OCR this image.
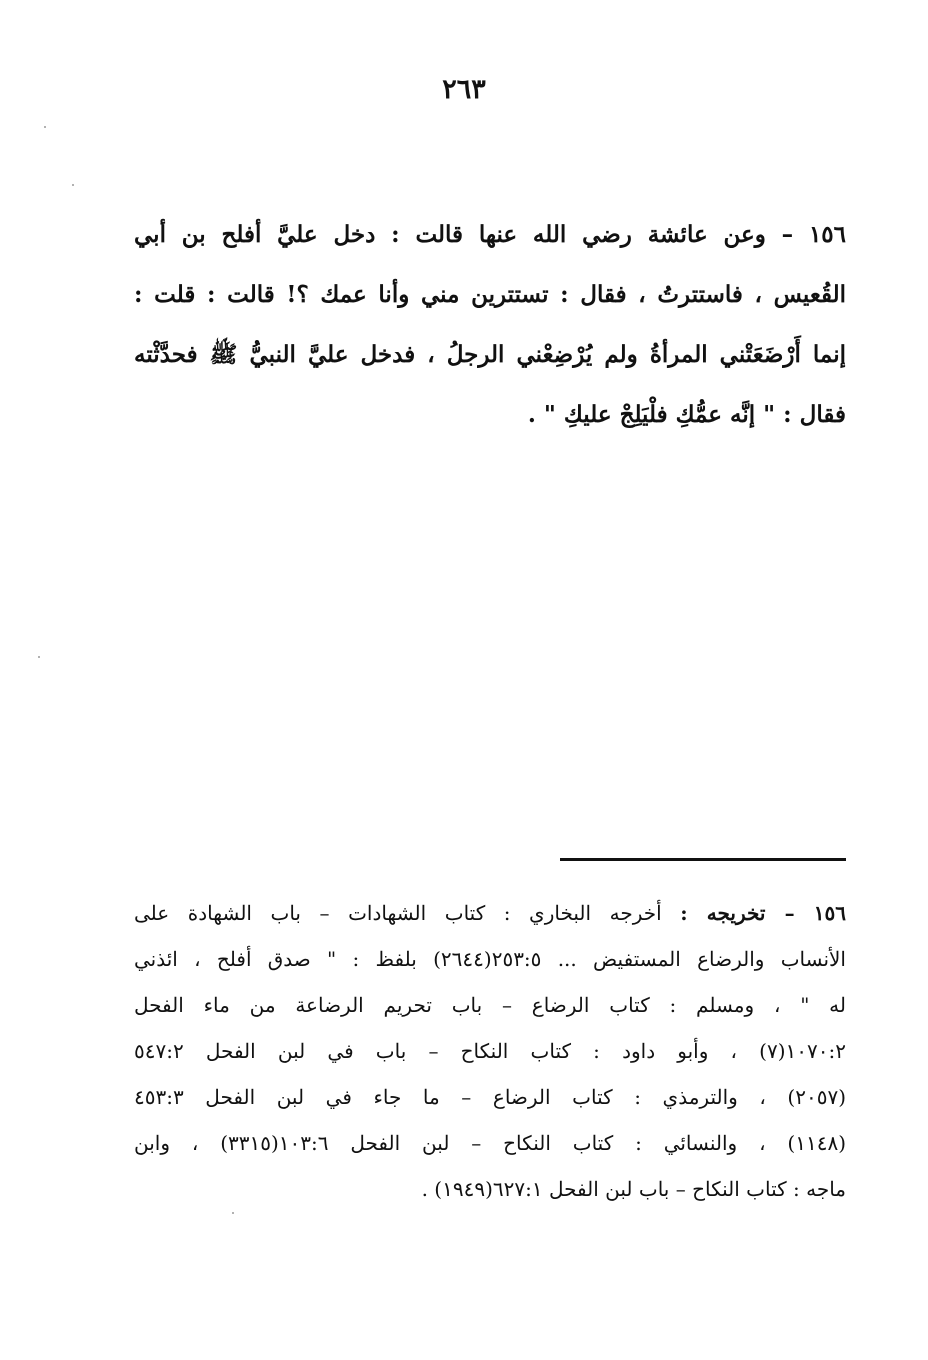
٢٦٣
١٥٦ – وعن عائشة رضي الله عنها قالت : دخل عليَّ أفلح بن أبي
القُعيس ، فاستترتُ ، فقال : تستترين مني وأنا عمك ؟! قالت : قلت :
إنما أَرْضَعَتْني المرأةُ ولم يُرْضِعْني الرجلُ ، فدخل عليَّ النبيُّ ﷺ فحدَّثْته
فقال : " إنَّه عمُّكِ فلْيَلِجْ عليكِ " .
١٥٦ – تخريجه : أخرجه البخاري : كتاب الشهادات – باب الشهادة على
الأنساب والرضاع المستفيض ... ٢٥٣:٥(٢٦٤٤) بلفظ : " صدق أفلح ، ائذني
له " ، ومسلم : كتاب الرضاع – باب تحريم الرضاعة من ماء الفحل
١٠٧٠:٢(٧) ، وأبو داود : كتاب النكاح – باب في لبن الفحل ٥٤٧:٢
(٢٠٥٧) ، والترمذي : كتاب الرضاع – ما جاء في لبن الفحل ٤٥٣:٣
(١١٤٨) ، والنسائي : كتاب النكاح – لبن الفحل ١٠٣:٦(٣٣١٥) ، وابن
ماجه : كتاب النكاح – باب لبن الفحل ٦٢٧:١(١٩٤٩) .
